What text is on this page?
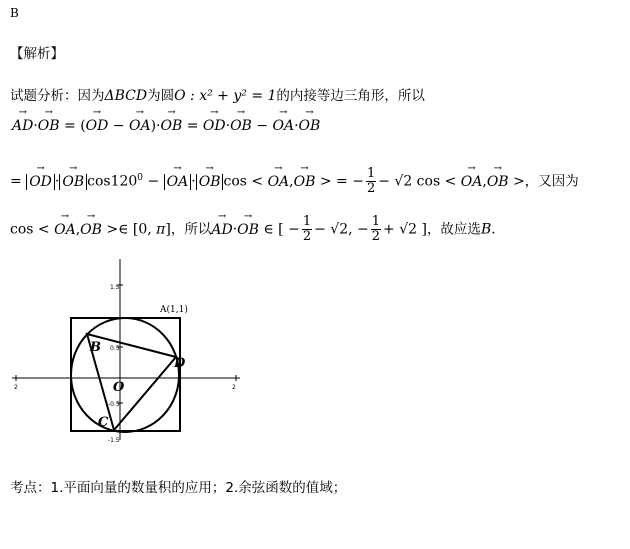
B
【解析】
试题分析：因为ΔBCD为圆O : x² + y² = 1的内接等边三角形，所以
→ AD·→ OB = (→ OD − → OA)·→ OB = → OD·→ OB − → OA·→ OB
= → OD · → OB $\cos 120^0$ − → OA · → OB cos < → OA,→ OB > = − $\frac{1}{2} - √2$ cos < → OA,→ OB >，又因为
cos < → OA,→ OB >∈ [0, π]，所以→ AD·→ OB ∈ [ − $\frac{1}{2} - √2$, − $\frac{1}{2} + √2$ ]，故应选B.
2	2
1.5
0.5
-0.5
-1.5
A(1,1)
B
D
C
O
考点：1.平面向量的数量积的应用；2.余弦函数的值域；
